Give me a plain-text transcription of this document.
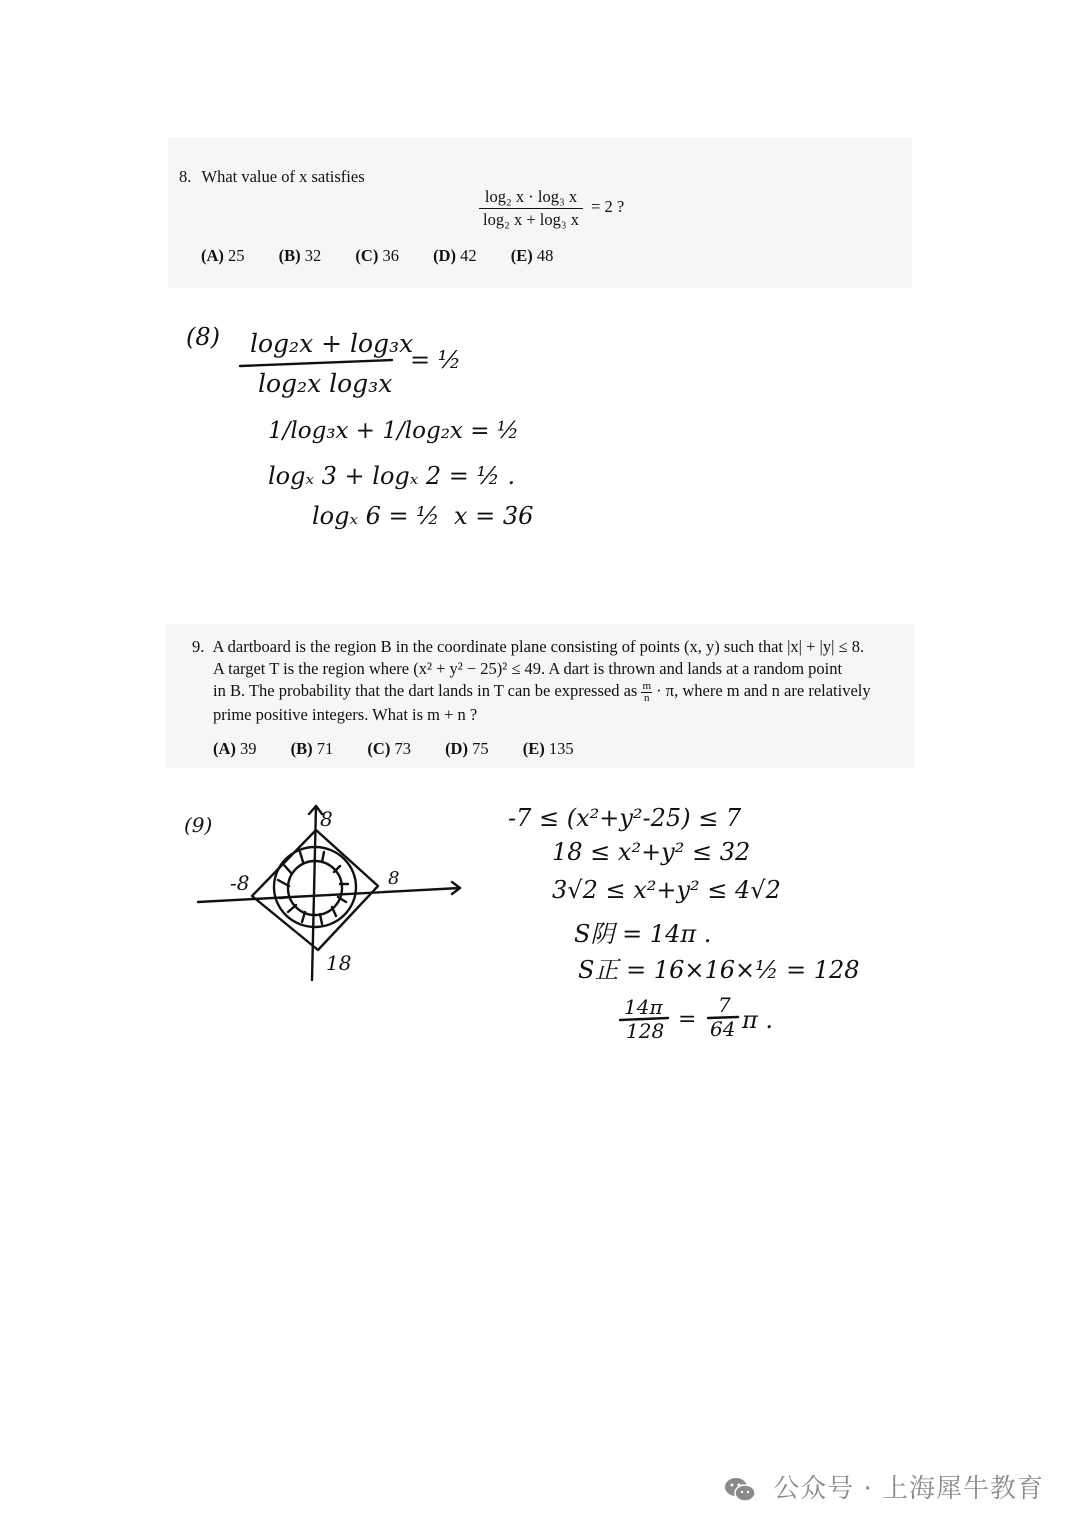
8. What value of x satisfies
$\frac{\text{log₂ x · log₃ x}}{\text{log₂ x + log₃ x}} = 2$ ?
(A) 25 (B) 32 (C) 36 (D) 42 (E) 48
(8) log₂x + log₃x
log₂x log₃x
= ½
1/log₃x + 1/log₂x = ½
logₓ 3 + logₓ 2 = ½ .
logₓ 6 = ½ x = 36
9. A dartboard is the region B in the coordinate plane consisting of points (x, y) such that |x| + |y| ≤ 8.
A target T is the region where (x² + y² − 25)² ≤ 49. A dart is thrown and lands at a random point
in B. The probability that the dart lands in T can be expressed as $\frac{m}{n} \cdot \pi$, where m and n are relatively
prime positive integers. What is m + n ?
(A) 39 (B) 71 (C) 73 (D) 75 (E) 135
(9)	8
-8	8
18
-7 ≤ (x²+y²-25) ≤ 7
18 ≤ x²+y² ≤ 32
3√2 ≤ x²+y² ≤ 4√2
S阴 = 14π .
S正 = 16×16×½ = 128
14π
128 =
7
64 π .
公众号 · 上海犀牛教育
